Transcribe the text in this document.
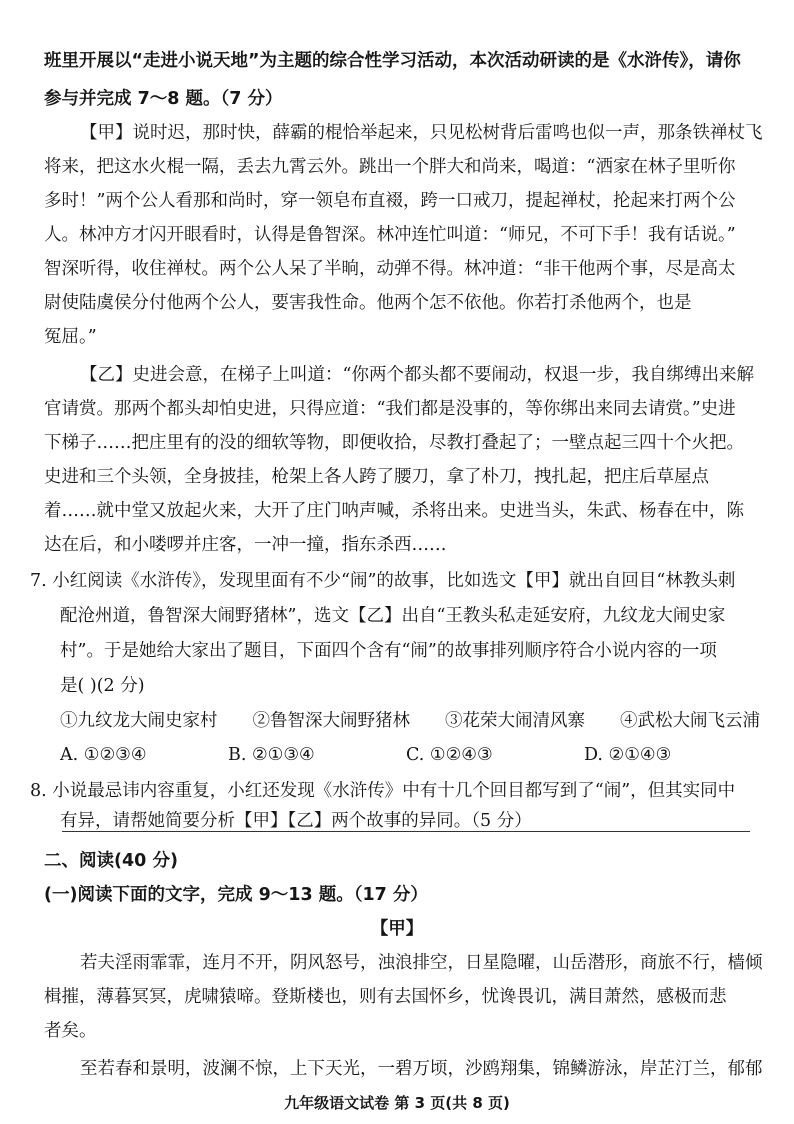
班里开展以“走进小说天地”为主题的综合性学习活动，本次活动研读的是《水浒传》，请你
参与并完成 7～8 题。（7 分）
【甲】说时迟，那时快，薛霸的棍恰举起来，只见松树背后雷鸣也似一声，那条铁禅杖飞
将来，把这水火棍一隔，丢去九霄云外。跳出一个胖大和尚来，喝道：“洒家在林子里听你
多时！”两个公人看那和尚时，穿一领皂布直裰，跨一口戒刀，提起禅杖，抡起来打两个公
人。林冲方才闪开眼看时，认得是鲁智深。林冲连忙叫道：“师兄，不可下手！我有话说。”
智深听得，收住禅杖。两个公人呆了半晌，动弹不得。林冲道：“非干他两个事，尽是高太
尉使陆虞侯分付他两个公人，要害我性命。他两个怎不依他。你若打杀他两个，也是
冤屈。”
【乙】史进会意，在梯子上叫道：“你两个都头都不要闹动，权退一步，我自绑缚出来解
官请赏。那两个都头却怕史进，只得应道：“我们都是没事的，等你绑出来同去请赏。”史进
下梯子……把庄里有的没的细软等物，即便收拾，尽教打叠起了；一壁点起三四十个火把。
史进和三个头领，全身披挂，枪架上各人跨了腰刀，拿了朴刀，拽扎起，把庄后草屋点
着……就中堂又放起火来，大开了庄门呐声喊，杀将出来。史进当头，朱武、杨春在中，陈
达在后，和小喽啰并庄客，一冲一撞，指东杀西……
7. 小红阅读《水浒传》，发现里面有不少“闹”的故事，比如选文【甲】就出自回目“林教头刺
配沧州道，鲁智深大闹野猪林”，选文【乙】出自“王教头私走延安府，九纹龙大闹史家
村”。于是她给大家出了题目，下面四个含有“闹”的故事排列顺序符合小说内容的一项
是( )(2 分)
①九纹龙大闹史家村 ②鲁智深大闹野猪林 ③花荣大闹清风寨 ④武松大闹飞云浦
A. ①②③④	B. ②①③④	C. ①②④③	D. ②①④③
8. 小说最忌讳内容重复，小红还发现《水浒传》中有十几个回目都写到了“闹”，但其实同中
有异，请帮她简要分析【甲】【乙】两个故事的异同。（5 分）
二、阅读(40 分)
(一)阅读下面的文字，完成 9～13 题。（17 分）
【甲】
若夫淫雨霏霏，连月不开，阴风怒号，浊浪排空，日星隐曜，山岳潜形，商旅不行，樯倾
楫摧，薄暮冥冥，虎啸猿啼。登斯楼也，则有去国怀乡，忧谗畏讥，满目萧然，感极而悲
者矣。
至若春和景明，波澜不惊，上下天光，一碧万顷，沙鸥翔集，锦鳞游泳，岸芷汀兰，郁郁
九年级语文试卷 第 3 页(共 8 页)
